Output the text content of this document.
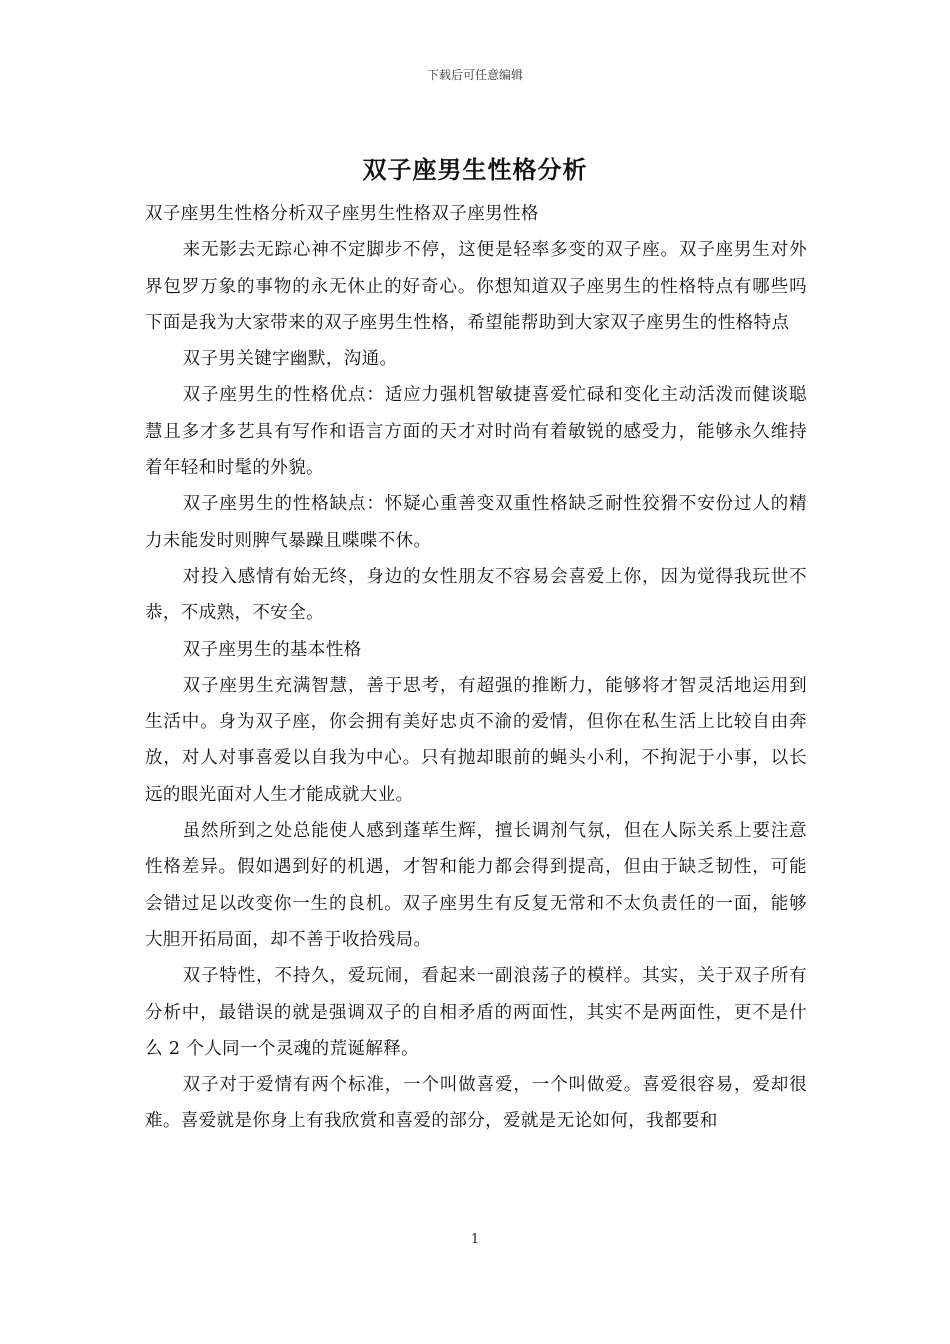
下载后可任意编辑
双子座男生性格分析

双子座男生性格分析双子座男生性格双子座男性格

来无影去无踪心神不定脚步不停，这便是轻率多变的双子座。双子座男生对外界包罗万象的事物的永无休止的好奇心。你想知道双子座男生的性格特点有哪些吗下面是我为大家带来的双子座男生性格，希望能帮助到大家双子座男生的性格特点

双子男关键字幽默，沟通。

双子座男生的性格优点：适应力强机智敏捷喜爱忙碌和变化主动活泼而健谈聪慧且多才多艺具有写作和语言方面的天才对时尚有着敏锐的感受力，能够永久维持着年轻和时髦的外貌。

双子座男生的性格缺点：怀疑心重善变双重性格缺乏耐性狡猾不安份过人的精力未能发时则脾气暴躁且喋喋不休。

对投入感情有始无终，身边的女性朋友不容易会喜爱上你，因为觉得我玩世不恭，不成熟，不安全。

双子座男生的基本性格

双子座男生充满智慧，善于思考，有超强的推断力，能够将才智灵活地运用到生活中。身为双子座，你会拥有美好忠贞不渝的爱情，但你在私生活上比较自由奔放，对人对事喜爱以自我为中心。只有抛却眼前的蝇头小利，不拘泥于小事，以长远的眼光面对人生才能成就大业。

虽然所到之处总能使人感到蓬荜生辉，擅长调剂气氛，但在人际关系上要注意性格差异。假如遇到好的机遇，才智和能力都会得到提高，但由于缺乏韧性，可能会错过足以改变你一生的良机。双子座男生有反复无常和不太负责任的一面，能够大胆开拓局面，却不善于收拾残局。

双子特性，不持久，爱玩闹，看起来一副浪荡子的模样。其实，关于双子所有分析中，最错误的就是强调双子的自相矛盾的两面性，其实不是两面性，更不是什么 2 个人同一个灵魂的荒诞解释。

双子对于爱情有两个标准，一个叫做喜爱，一个叫做爱。喜爱很容易，爱却很难。喜爱就是你身上有我欣赏和喜爱的部分，爱就是无论如何，我都要和

1
